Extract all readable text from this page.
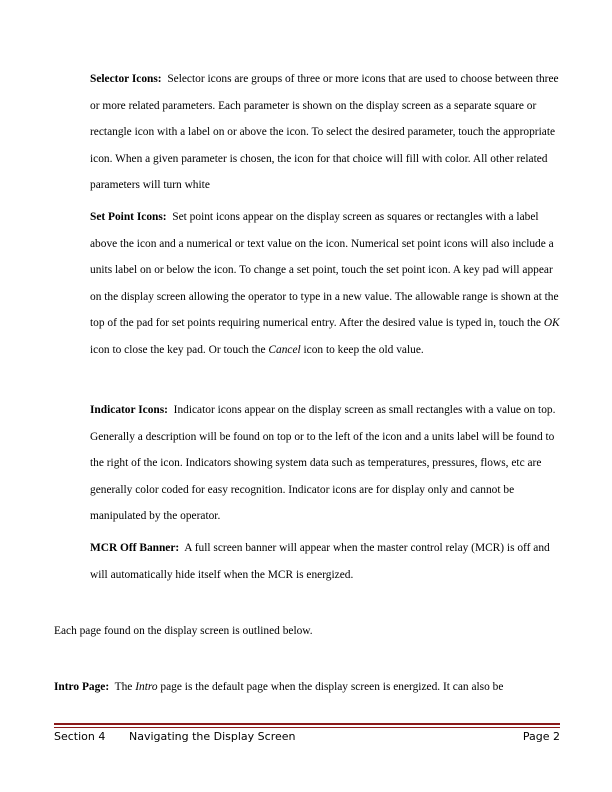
Selector Icons: Selector icons are groups of three or more icons that are used to choose between three or more related parameters. Each parameter is shown on the display screen as a separate square or rectangle icon with a label on or above the icon. To select the desired parameter, touch the appropriate icon. When a given parameter is chosen, the icon for that choice will fill with color. All other related parameters will turn white

Set Point Icons: Set point icons appear on the display screen as squares or rectangles with a label above the icon and a numerical or text value on the icon. Numerical set point icons will also include a units label on or below the icon. To change a set point, touch the set point icon. A key pad will appear on the display screen allowing the operator to type in a new value. The allowable range is shown at the top of the pad for set points requiring numerical entry. After the desired value is typed in, touch the OK icon to close the key pad. Or touch the Cancel icon to keep the old value.

Indicator Icons: Indicator icons appear on the display screen as small rectangles with a value on top. Generally a description will be found on top or to the left of the icon and a units label will be found to the right of the icon. Indicators showing system data such as temperatures, pressures, flows, etc are generally color coded for easy recognition. Indicator icons are for display only and cannot be manipulated by the operator.

MCR Off Banner: A full screen banner will appear when the master control relay (MCR) is off and will automatically hide itself when the MCR is energized.

Each page found on the display screen is outlined below.

Intro Page: The Intro page is the default page when the display screen is energized. It can also be

Section 4 Navigating the Display Screen	Page 2
